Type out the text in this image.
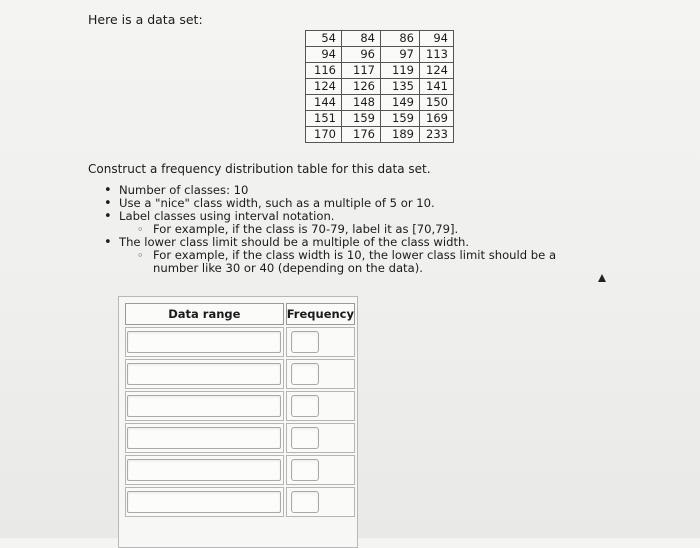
Here is a data set:
54	84	86	94
94	96	97	113
116	117	119	124
124	126	135	141
144	148	149	150
151	159	159	169
170	176	189	233
Construct a frequency distribution table for this data set.
• Number of classes: 10
• Use a "nice" class width, such as a multiple of 5 or 10.
• Label classes using interval notation.
◦ For example, if the class is 70-79, label it as [70,79].
• The lower class limit should be a multiple of the class width.
◦ For example, if the class width is 10, the lower class limit should be a number like 30 or 40 (depending on the data).
Data range	Frequency
